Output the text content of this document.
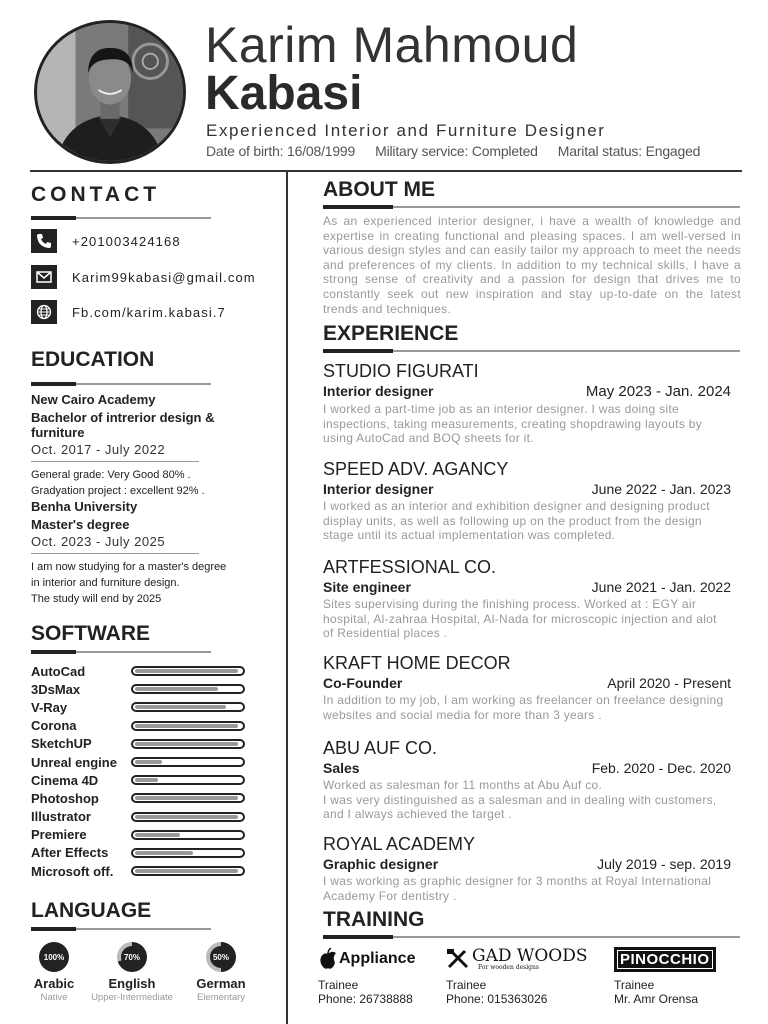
Karim Mahmoud
Kabasi
Experienced Interior and Furniture Designer
Date of birth: 16/08/1999 Military service: Completed Marital status: Engaged
CONTACT
+201003424168
Karim99kabasi@gmail.com
Fb.com/karim.kabasi.7
EDUCATION
New Cairo Academy
Bachelor of intrerior design & furniture
Oct. 2017 - July 2022
General grade: Very Good 80% .
Gradyation project : excellent 92% .
Benha University
Master's degree
Oct. 2023 - July 2025
I am now studying for a master's degree
in interior and furniture design.
The study will end by 2025
SOFTWARE
AutoCad
3DsMax
V-Ray
Corona
SketchUP
Unreal engine
Cinema 4D
Photoshop
Illustrator
Premiere
After Effects
Microsoft off.
LANGUAGE
100%
Arabic
Native
70%
English
Upper-Intermediate
50%
German
Elementary
ABOUT ME
As an experienced interior designer, i have a wealth of knowledge and expertise in creating functional and pleasing spaces. I am well-versed in various design styles and can easily tailor my approach to meet the needs and preferences of my clients. In addition to my technical skills, I have a strong sense of creativity and a passion for design that drives me to constantly seek out new inspiration and stay up-to-date on the latest trends and techniques.
EXPERIENCE
STUDIO FIGURATI
Interior designer	May 2023 - Jan. 2024
I worked a part-time job as an interior designer. I was doing site inspections, taking measurements, creating shopdrawing layouts by using AutoCad and BOQ sheets for it.
SPEED ADV. AGANCY
Interior designer	June 2022 - Jan. 2023
I worked as an interior and exhibition designer and designing product display units, as well as following up on the product from the design stage until its actual implementation was completed.
ARTFESSIONAL CO.
Site engineer	June 2021 - Jan. 2022
Sites supervising during the finishing process. Worked at : EGY air hospital, Al-zahraa Hospital, Al-Nada for microscopic injection and alot of Residential places .
KRAFT HOME DECOR
Co-Founder	April 2020 - Present
In addition to my job, I am working as freelancer on freelance designing websites and social media for more than 3 years .
ABU AUF CO.
Sales	Feb. 2020 - Dec. 2020
Worked as salesman for 11 months at Abu Auf co.
I was very distinguished as a salesman and in dealing with customers, and I always achieved the target .
ROYAL ACADEMY
Graphic designer	July 2019 - sep. 2019
I was working as graphic designer for 3 months at Royal International Academy For dentistry .
TRAINING
Appliance
Trainee
Phone: 26738888
GAD WOODS
For wooden designs
Trainee
Phone: 015363026
PINOCCHIO
Trainee
Mr. Amr Orensa
